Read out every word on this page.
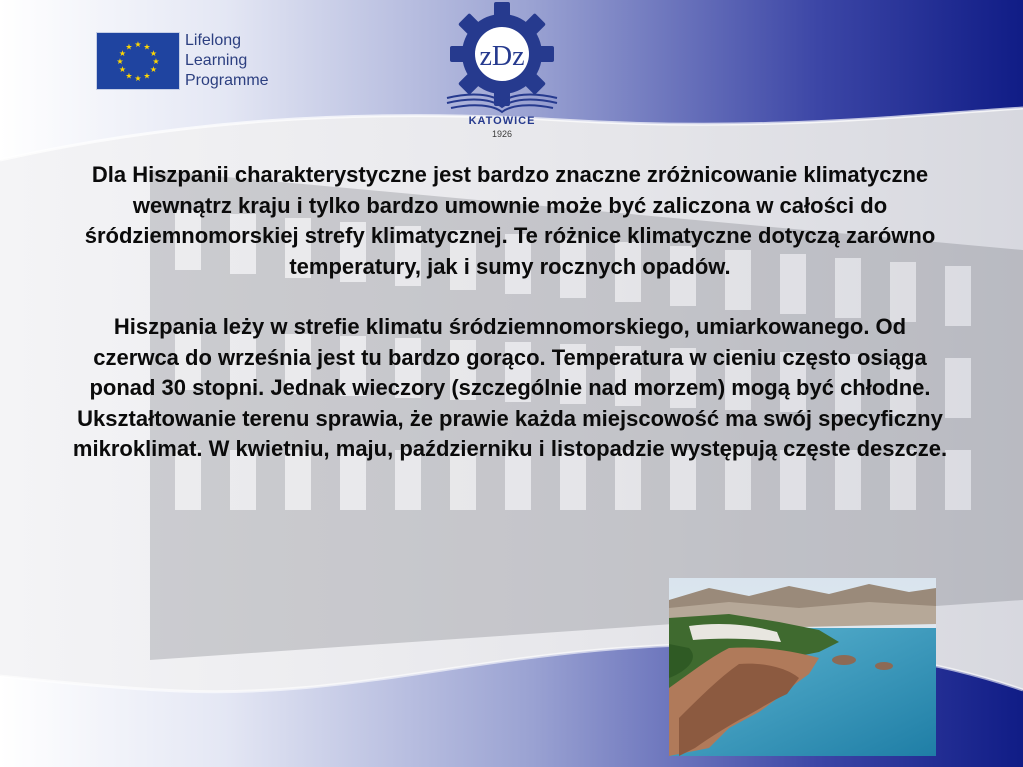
★ ★
★
★
★
★
★
★
★
★
★
★	Lifelong
Learning
Programme
zDz
KATOWICE
1926

Dla Hiszpanii charakterystyczne jest bardzo znaczne zróżnicowanie klimatyczne wewnątrz kraju i tylko bardzo umownie może być zaliczona w całości do śródziemnomorskiej strefy klimatycznej. Te różnice klimatyczne dotyczą zarówno temperatury, jak i sumy rocznych opadów.

Hiszpania leży w strefie klimatu śródziemnomorskiego, umiarkowanego. Od czerwca do września jest tu bardzo gorąco. Temperatura w cieniu często osiąga ponad 30 stopni. Jednak wieczory (szczególnie nad morzem) mogą być chłodne. Ukształtowanie terenu sprawia, że prawie każda miejscowość ma swój specyficzny mikroklimat. W kwietniu, maju, październiku i listopadzie występują częste deszcze.
